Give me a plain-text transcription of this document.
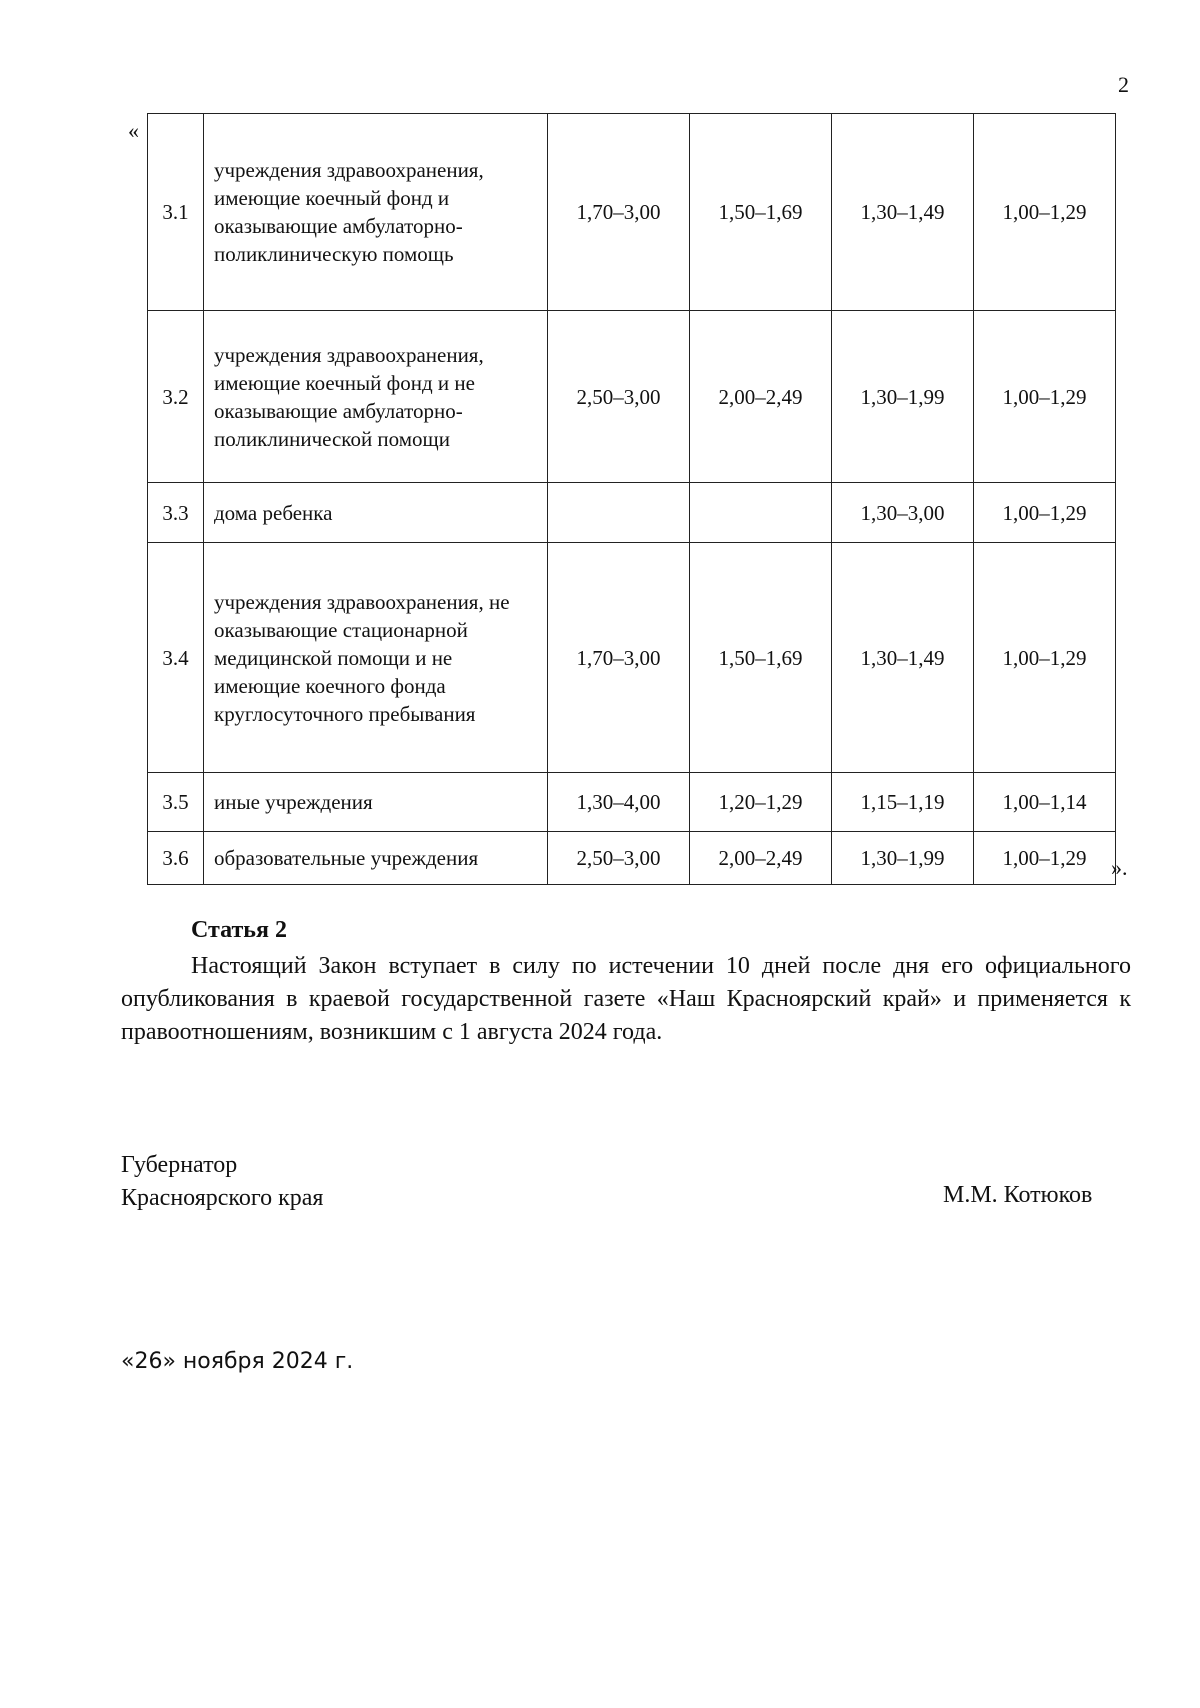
2
«
3.1	учреждения здравоохранения, имеющие коечный фонд и оказывающие амбулаторно-поликлиническую помощь	1,70–3,00	1,50–1,69	1,30–1,49	1,00–1,29
3.2	учреждения здравоохранения, имеющие коечный фонд и не оказывающие амбулаторно-поликлинической помощи	2,50–3,00	2,00–2,49	1,30–1,99	1,00–1,29
3.3	дома ребенка			1,30–3,00	1,00–1,29
3.4	учреждения здравоохранения, не оказывающие стационарной медицинской помощи и не имеющие коечного фонда круглосуточного пребывания	1,70–3,00	1,50–1,69	1,30–1,49	1,00–1,29
3.5	иные учреждения	1,30–4,00	1,20–1,29	1,15–1,19	1,00–1,14
3.6	образовательные учреждения	2,50–3,00	2,00–2,49	1,30–1,99	1,00–1,29 ».
Статья 2
Настоящий Закон вступает в силу по истечении 10 дней после дня его официального опубликования в краевой государственной газете «Наш Красноярский край» и применяется к правоотношениям, возникшим с 1 августа 2024 года.
Губернатор
Красноярского края	М.М. Котюков
«26» ноября 2024 г.
